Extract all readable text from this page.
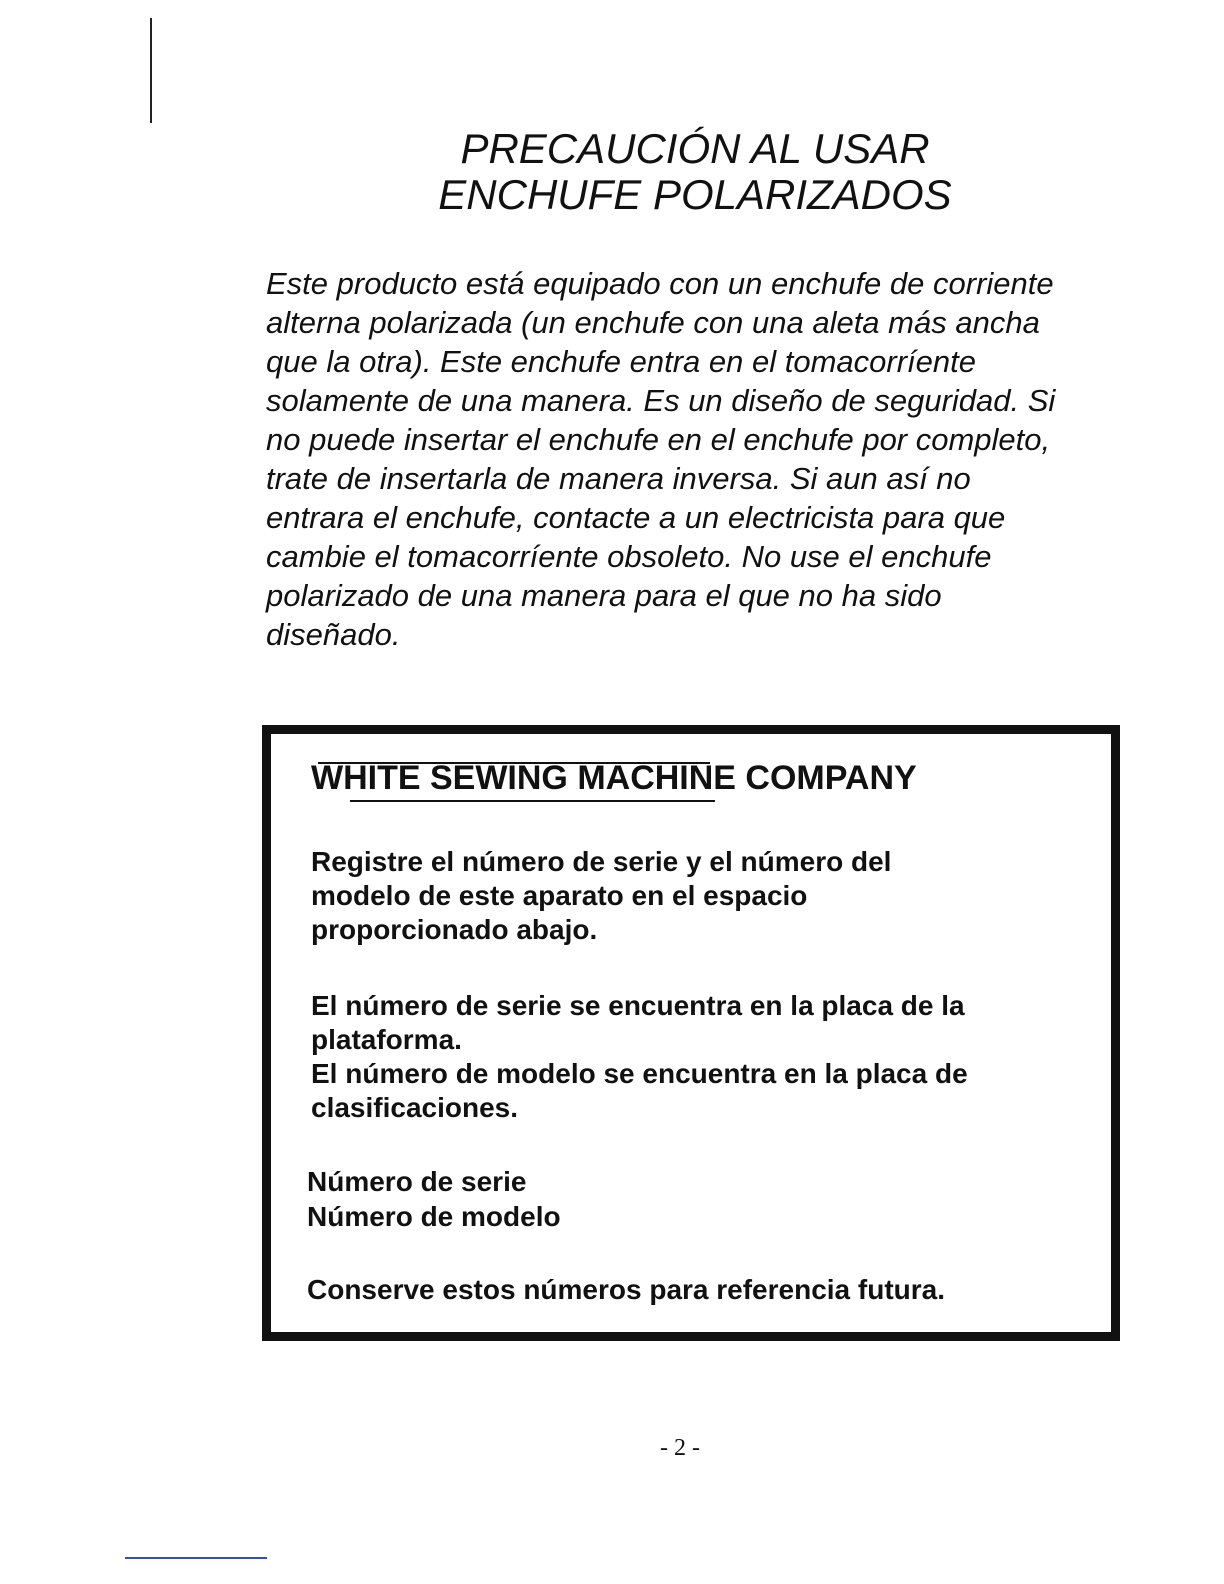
PRECAUCIÓN AL USAR
ENCHUFE POLARIZADOS
Este producto está equipado con un enchufe de corriente
alterna polarizada (un enchufe con una aleta más ancha
que la otra). Este enchufe entra en el tomacorríente
solamente de una manera. Es un diseño de seguridad. Si
no puede insertar el enchufe en el enchufe por completo,
trate de insertarla de manera inversa. Si aun así no
entrara el enchufe, contacte a un electricista para que
cambie el tomacorríente obsoleto. No use el enchufe
polarizado de una manera para el que no ha sido
diseñado.
WHITE SEWING MACHINE COMPANY
Registre el número de serie y el número del
modelo de este aparato en el espacio
proporcionado abajo.
El número de serie se encuentra en la placa de la
plataforma.
El número de modelo se encuentra en la placa de
clasificaciones.
Número de serie
Número de modelo
Conserve estos números para referencia futura.
- 2 -
